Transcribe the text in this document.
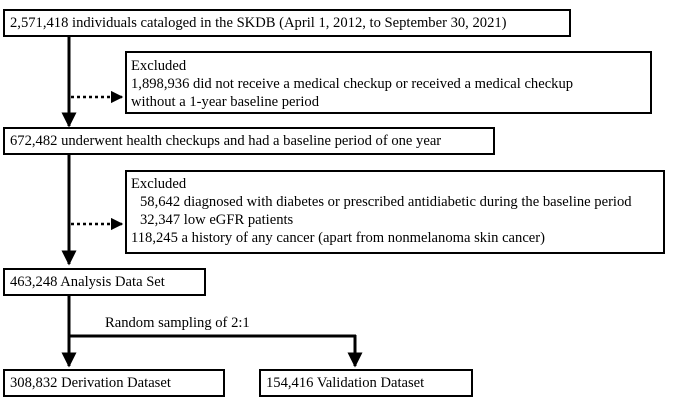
2,571,418 individuals cataloged in the SKDB (April 1, 2012, to September 30, 2021)
Excluded
1,898,936 did not receive a medical checkup or received a medical checkup
without a 1-year baseline period
672,482 underwent health checkups and had a baseline period of one year
Excluded
58,642 diagnosed with diabetes or prescribed antidiabetic during the baseline period
32,347 low eGFR patients
118,245 a history of any cancer (apart from nonmelanoma skin cancer)
463,248 Analysis Data Set
Random sampling of 2:1
308,832 Derivation Dataset	154,416 Validation Dataset
